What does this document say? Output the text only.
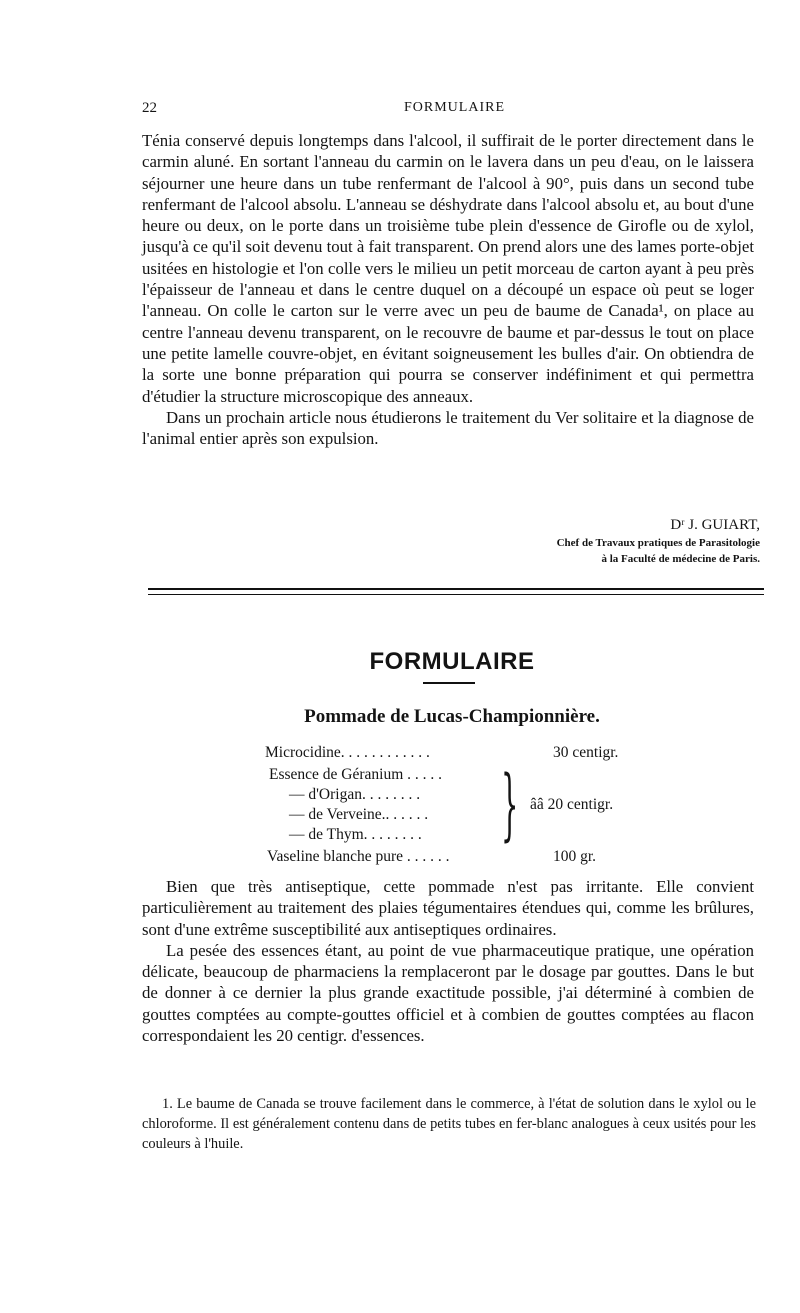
22	FORMULAIRE

Ténia conservé depuis longtemps dans l'alcool, il suffirait de le porter directement dans le carmin aluné. En sortant l'anneau du carmin on le lavera dans un peu d'eau, on le laissera séjourner une heure dans un tube renfermant de l'alcool à 90°, puis dans un second tube renfermant de l'alcool absolu. L'anneau se déshydrate dans l'alcool absolu et, au bout d'une heure ou deux, on le porte dans un troisième tube plein d'essence de Girofle ou de xylol, jusqu'à ce qu'il soit devenu tout à fait transparent. On prend alors une des lames porte-objet usitées en histologie et l'on colle vers le milieu un petit morceau de carton ayant à peu près l'épaisseur de l'anneau et dans le centre duquel on a découpé un espace où peut se loger l'anneau. On colle le carton sur le verre avec un peu de baume de Canada¹, on place au centre l'anneau devenu transparent, on le recouvre de baume et par-dessus le tout on place une petite lamelle couvre-objet, en évitant soigneusement les bulles d'air. On obtiendra de la sorte une bonne préparation qui pourra se conserver indéfiniment et qui permettra d'étudier la structure microscopique des anneaux.

Dans un prochain article nous étudierons le traitement du Ver solitaire et la diagnose de l'animal entier après son expulsion.

Dʳ J. GUIART,
Chef de Travaux pratiques de Parasitologie
à la Faculté de médecine de Paris.
FORMULAIRE
Pommade de Lucas-Championnière.
Microcidine. . . . . . . . . . . .	30 centigr.
Essence de Géranium . . . . .
— d'Origan. . . . . . . .
— de Verveine.. . . . . .
— de Thym. . . . . . . . } ââ 20 centigr.
Vaseline blanche pure . . . . . .	100 gr.

Bien que très antiseptique, cette pommade n'est pas irritante. Elle convient particulièrement au traitement des plaies tégumentaires étendues qui, comme les brûlures, sont d'une extrême susceptibilité aux antiseptiques ordinaires.

La pesée des essences étant, au point de vue pharmaceutique pratique, une opération délicate, beaucoup de pharmaciens la remplaceront par le dosage par gouttes. Dans le but de donner à ce dernier la plus grande exactitude possible, j'ai déterminé à combien de gouttes comptées au compte-gouttes officiel et à combien de gouttes comptées au flacon correspondaient les 20 centigr. d'essences.

1. Le baume de Canada se trouve facilement dans le commerce, à l'état de solution dans le xylol ou le chloroforme. Il est généralement contenu dans de petits tubes en fer-blanc analogues à ceux usités pour les couleurs à l'huile.
